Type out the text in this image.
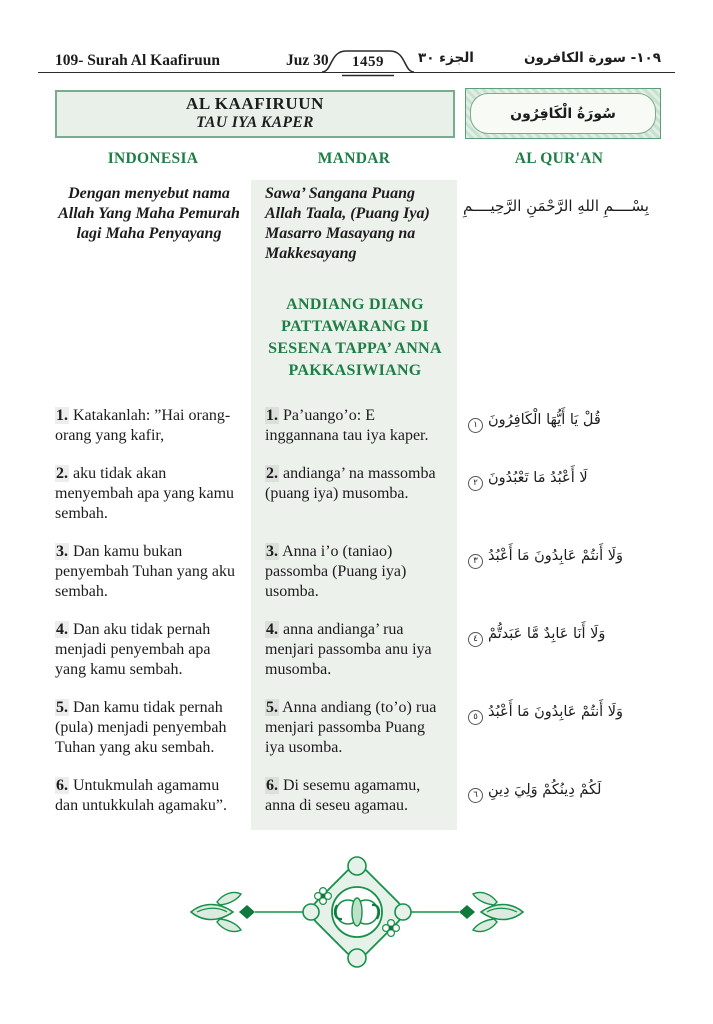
109- Surah Al Kaafiruun	Juz 30	الجزء ٣٠	١٠٩- سورة الكافرون
1459
AL KAAFIRUUN
TAU IYA KAPER
سُورَةُ الْكَافِرُون
INDONESIA	MANDAR	AL QUR'AN
Dengan menyebut nama Allah Yang Maha Pemurah lagi Maha Penyayang
Sawa’ Sangana Puang Allah Taala, (Puang Iya) Masarro Masayang na Makkesayang
بِسْــــمِ اللهِ الرَّحْمَنِ الرَّحِيــــمِ
ANDIANG DIANG PATTAWARANG DI SESENA TAPPA’ ANNA PAKKASIWIANG

1. Katakanlah: ”Hai orang-orang yang kafir,

1. Pa’uango’o: E inggannana tau iya kaper.

قُلْ يَا أَيُّهَا الْكَافِرُونَ١

2. aku tidak akan menyembah apa yang kamu sembah.

2. andianga’ na massomba (puang iya) musomba.

لَا أَعْبُدُ مَا تَعْبُدُونَ٢

3. Dan kamu bukan penyembah Tuhan yang aku sembah.

3. Anna i’o (taniao) passomba (Puang iya) usomba.

وَلَا أَنتُمْ عَابِدُونَ مَا أَعْبُدُ٣

4. Dan aku tidak pernah menjadi penyembah apa yang kamu sembah.

4. anna andianga’ rua menjari passomba anu iya musomba.

وَلَا أَنَا عَابِدٌ مَّا عَبَدتُّمْ٤

5. Dan kamu tidak pernah (pula) menjadi penyembah Tuhan yang aku sembah.

5. Anna andiang (to’o) rua menjari passomba Puang iya usomba.

وَلَا أَنتُمْ عَابِدُونَ مَا أَعْبُدُ٥

6. Untukmulah agamamu dan untukkulah agamaku”.

6. Di sesemu agamamu, anna di seseu agamau.

لَكُمْ دِينُكُمْ وَلِيَ دِينِ٦
